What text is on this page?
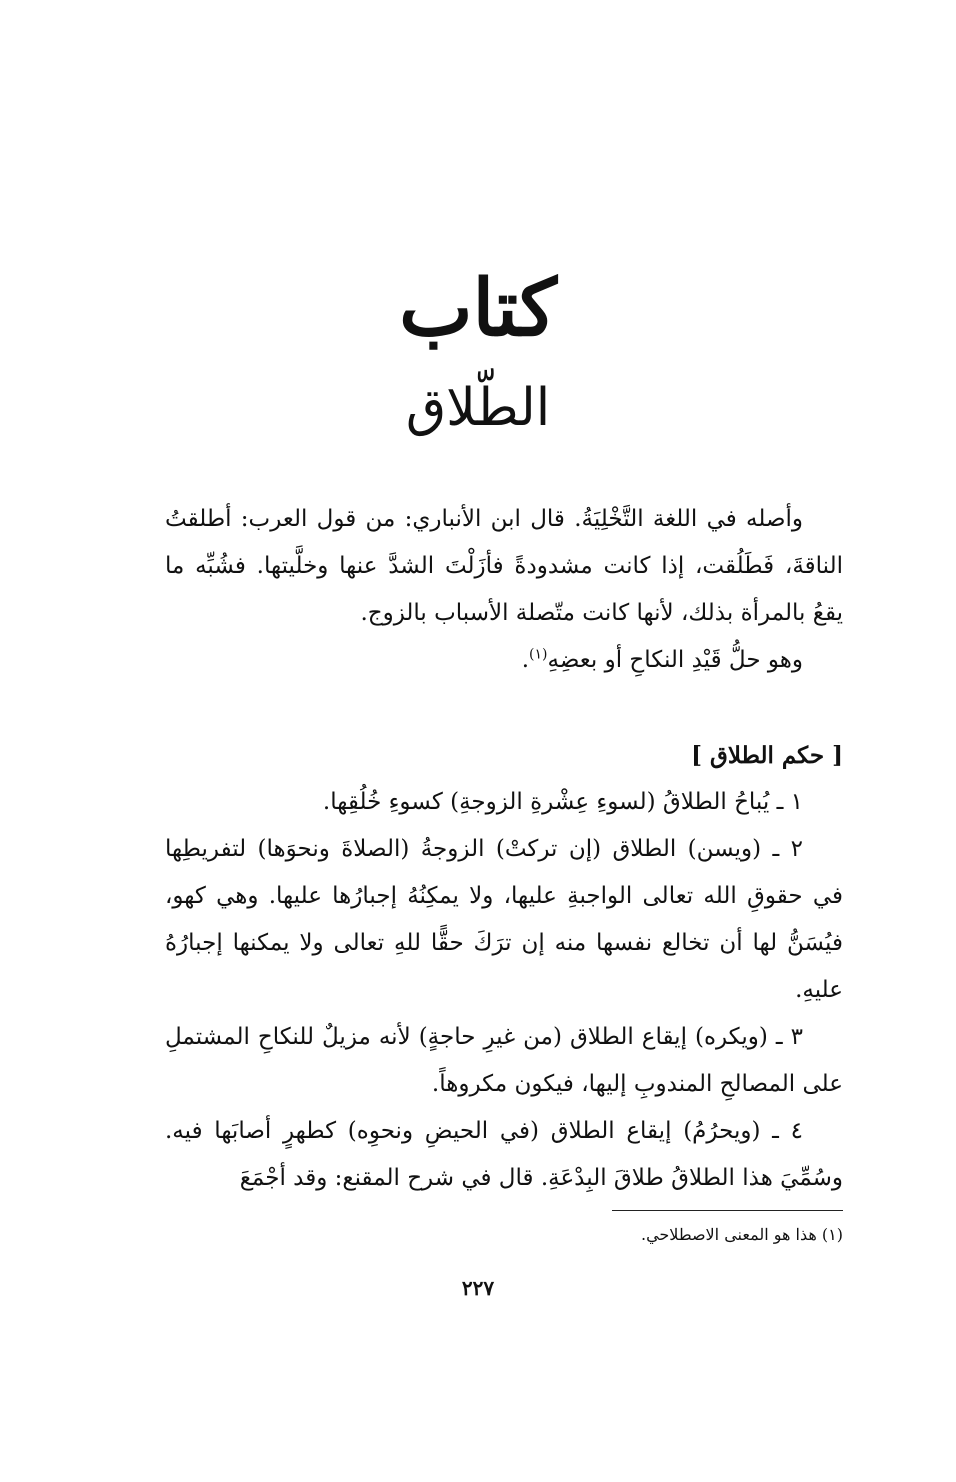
كتاب
الطّلاق

وأصله في اللغة التَّخْلِيَةُ. قال ابن الأنباري: من قول العرب: أطلقتُ الناقةَ، فَطَلُقت، إذا كانت مشدودةً فأزَلْتَ الشدَّ عنها وخلَّيتها. فشُبِّه ما يقعُ بالمرأة بذلك، لأنها كانت متّصلة الأسباب بالزوج.

وهو حلُّ قَيْدِ النكاحِ أو بعضِهِ$^{(١)}$.

[ حكم الطلاق ]

١ ـ يُباحُ الطلاقُ (لسوءِ عِشْرةِ الزوجةِ) كسوءِ خُلُقِها.

٢ ـ (ويسن) الطلاق (إن تركتْ) الزوجةُ (الصلاةَ ونحوَها) لتفريطِها في حقوقِ الله تعالى الواجبةِ عليها، ولا يمكِنُهُ إجبارُها عليها. وهي كهو، فيُسَنُّ لها أن تخالع نفسها منه إن ترَكَ حقًّا للهِ تعالى ولا يمكنها إجبارُهُ عليهِ.

٣ ـ (ويكره) إيقاع الطلاق (من غيرِ حاجةٍ) لأنه مزيلٌ للنكاحِ المشتملِ على المصالحِ المندوبِ إليها، فيكون مكروهاً.

٤ ـ (ويحرُمُ) إيقاع الطلاق (في الحيضِ ونحوِه) كطهرٍ أصابَها فيه. وسُمِّيَ هذا الطلاقُ طلاقَ البِدْعَةِ. قال في شرح المقنع: وقد أجْمَعَ

(١) هذا هو المعنى الاصطلاحي.
٢٢٧
